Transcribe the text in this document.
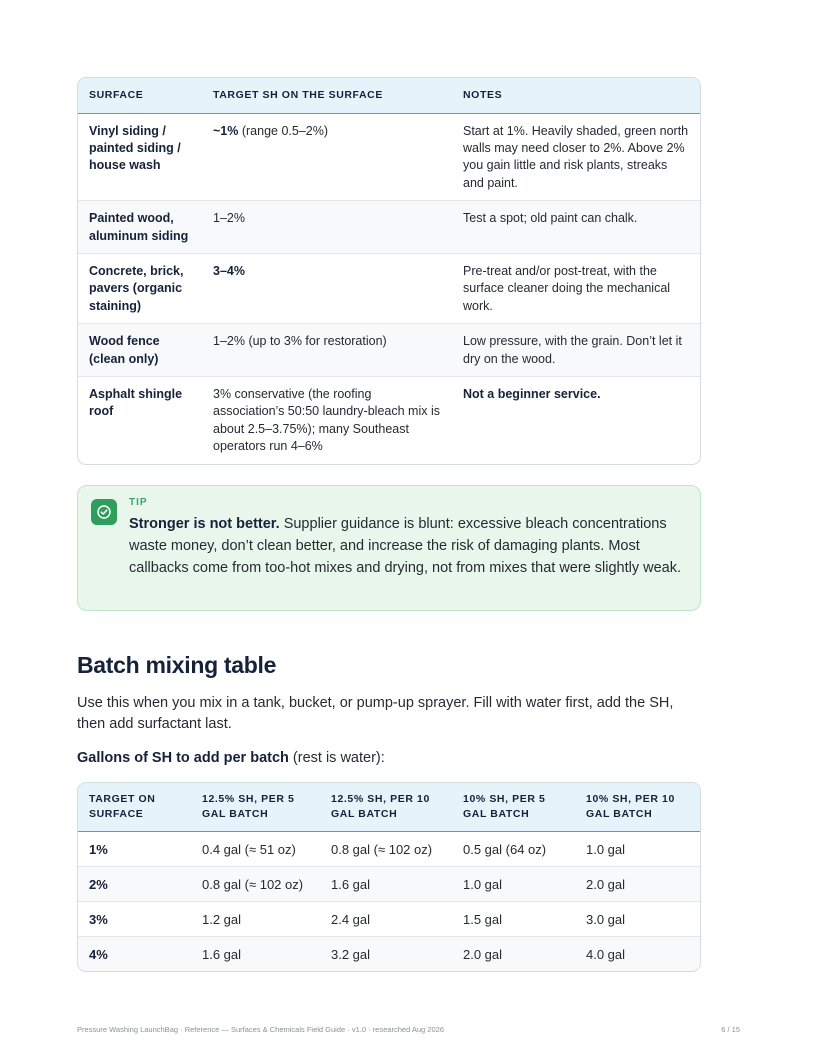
SURFACE	TARGET SH ON THE SURFACE	NOTES
Vinyl siding / painted siding / house wash	~1% (range 0.5–2%)	Start at 1%. Heavily shaded, green north walls may need closer to 2%. Above 2% you gain little and risk plants, streaks and paint.
Painted wood, aluminum siding	1–2%	Test a spot; old paint can chalk.
Concrete, brick, pavers (organic staining)	3–4%	Pre-treat and/or post-treat, with the surface cleaner doing the mechanical work.
Wood fence (clean only)	1–2% (up to 3% for restoration)	Low pressure, with the grain. Don’t let it dry on the wood.
Asphalt shingle roof	3% conservative (the roofing association’s 50:50 laundry-bleach mix is about 2.5–3.75%); many Southeast operators run 4–6%	Not a beginner service.
TIP

Stronger is not better. Supplier guidance is blunt: excessive bleach concentrations waste money, don’t clean better, and increase the risk of damaging plants. Most callbacks come from too-hot mixes and drying, not from mixes that were slightly weak.

Batch mixing table

Use this when you mix in a tank, bucket, or pump-up sprayer. Fill with water first, add the SH, then add surfactant last.

Gallons of SH to add per batch (rest is water):

TARGET ON SURFACE	12.5% SH, PER 5 GAL BATCH	12.5% SH, PER 10 GAL BATCH	10% SH, PER 5 GAL BATCH	10% SH, PER 10 GAL BATCH
1%	0.4 gal (≈ 51 oz)	0.8 gal (≈ 102 oz)	0.5 gal (64 oz)	1.0 gal
2%	0.8 gal (≈ 102 oz)	1.6 gal	1.0 gal	2.0 gal
3%	1.2 gal	2.4 gal	1.5 gal	3.0 gal
4%	1.6 gal	3.2 gal	2.0 gal	4.0 gal
Pressure Washing LaunchBag · Reference — Surfaces & Chemicals Field Guide · v1.0 · researched Aug 2026	6 / 15
